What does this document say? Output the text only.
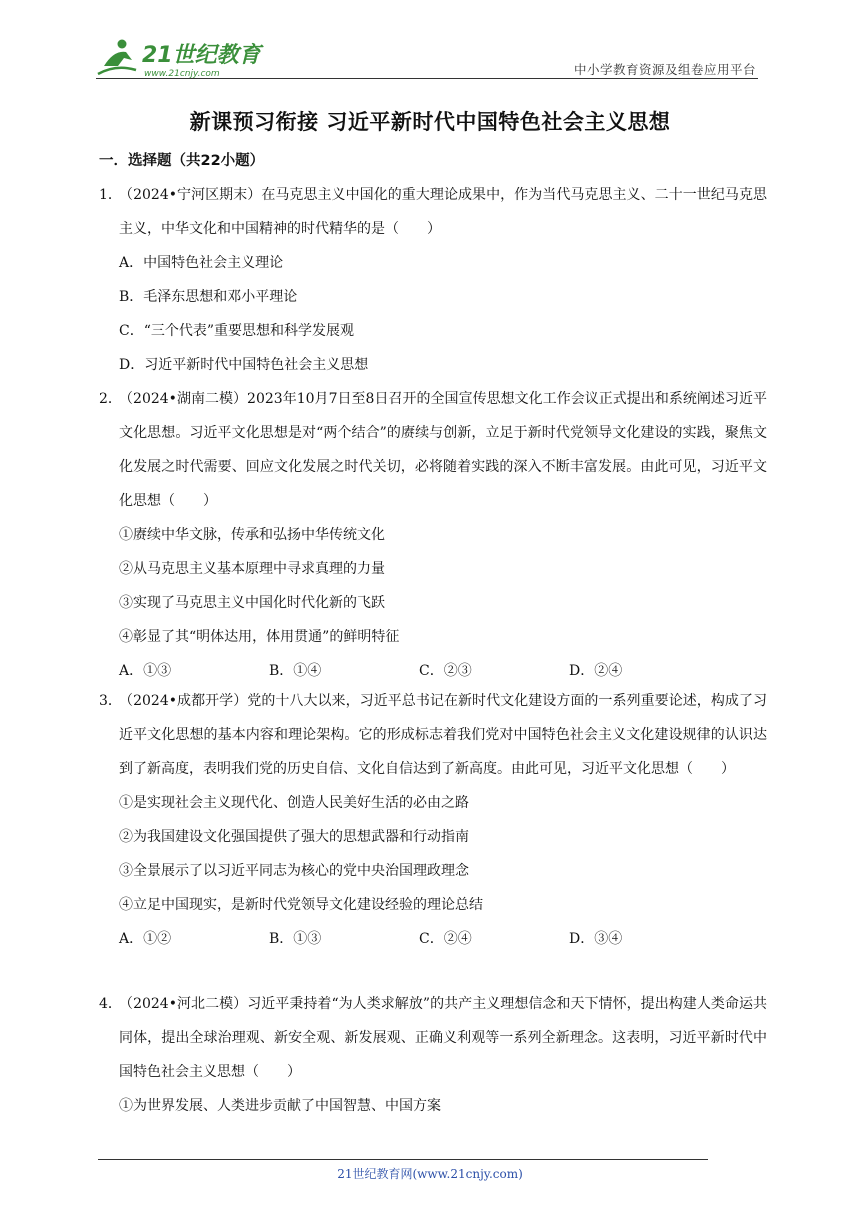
21世纪教育
www.21cnjy.com	中小学教育资源及组卷应用平台
新课预习衔接 习近平新时代中国特色社会主义思想
一．选择题（共22小题）
1．（2024•宁河区期末）在马克思主义中国化的重大理论成果中，作为当代马克思主义、二十一世纪马克思主义，中华文化和中国精神的时代精华的是（　　）
A．中国特色社会主义理论
B．毛泽东思想和邓小平理论
C．“三个代表”重要思想和科学发展观
D．习近平新时代中国特色社会主义思想
2．（2024•湖南二模）2023年10月7日至8日召开的全国宣传思想文化工作会议正式提出和系统阐述习近平文化思想。习近平文化思想是对“两个结合”的赓续与创新，立足于新时代党领导文化建设的实践，聚焦文化发展之时代需要、回应文化发展之时代关切，必将随着实践的深入不断丰富发展。由此可见，习近平文化思想（　　）
①赓续中华文脉，传承和弘扬中华传统文化
②从马克思主义基本原理中寻求真理的力量
③实现了马克思主义中国化时代化新的飞跃
④彰显了其“明体达用，体用贯通”的鲜明特征
A．①③	B．①④	C．②③	D．②④
3．（2024•成都开学）党的十八大以来，习近平总书记在新时代文化建设方面的一系列重要论述，构成了习近平文化思想的基本内容和理论架构。它的形成标志着我们党对中国特色社会主义文化建设规律的认识达到了新高度，表明我们党的历史自信、文化自信达到了新高度。由此可见，习近平文化思想（　　）
①是实现社会主义现代化、创造人民美好生活的必由之路
②为我国建设文化强国提供了强大的思想武器和行动指南
③全景展示了以习近平同志为核心的党中央治国理政理念
④立足中国现实，是新时代党领导文化建设经验的理论总结
A．①②	B．①③	C．②④	D．③④
4．（2024•河北二模）习近平秉持着“为人类求解放”的共产主义理想信念和天下情怀，提出构建人类命运共同体，提出全球治理观、新安全观、新发展观、正确义利观等一系列全新理念。这表明，习近平新时代中国特色社会主义思想（　　）
①为世界发展、人类进步贡献了中国智慧、中国方案
21世纪教育网(www.21cnjy.com)
